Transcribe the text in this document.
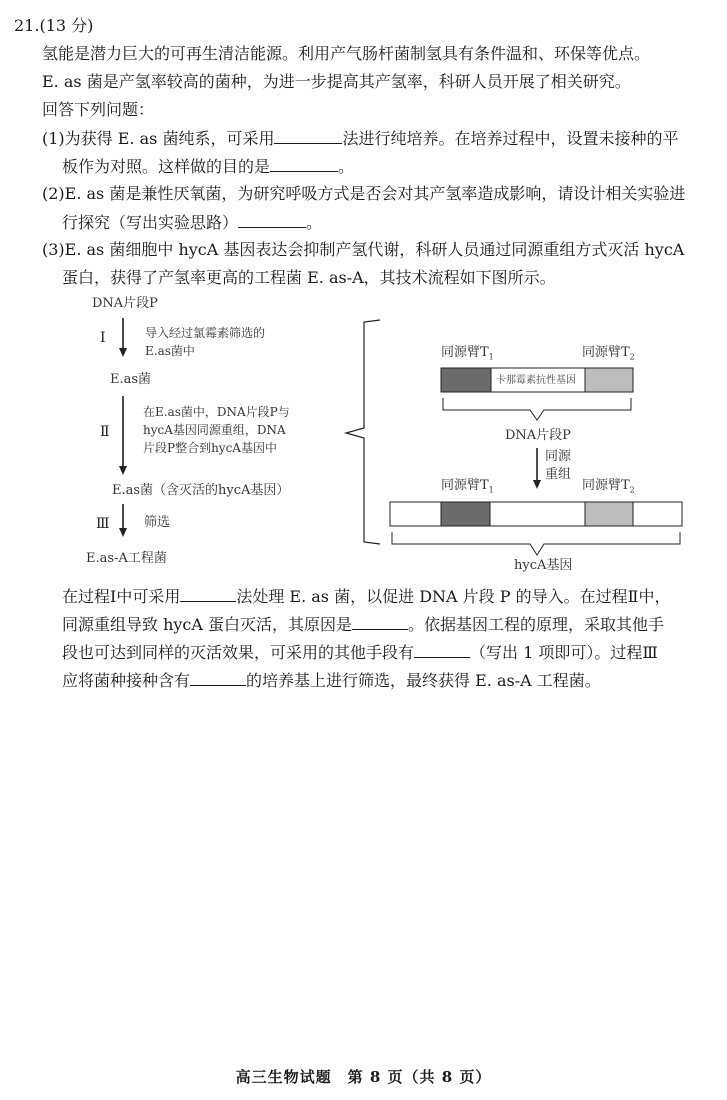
21.(13 分)
氢能是潜力巨大的可再生清洁能源。利用产气肠杆菌制氢具有条件温和、环保等优点。
E. as 菌是产氢率较高的菌种，为进一步提高其产氢率，科研人员开展了相关研究。
回答下列问题：
(1)为获得 E. as 菌纯系，可采用	法进行纯培养。在培养过程中，设置未接种的平
板作为对照。这样做的目的是	。
(2)E. as 菌是兼性厌氧菌，为研究呼吸方式是否会对其产氢率造成影响，请设计相关实验进
行探究（写出实验思路）	。
(3)E. as 菌细胞中 hycA 基因表达会抑制产氢代谢，科研人员通过同源重组方式灭活 hycA
蛋白，获得了产氢率更高的工程菌 E. as-A，其技术流程如下图所示。
DNA片段P
Ⅰ	导入经过氯霉素筛选的
E.as菌中
E.as菌
Ⅱ
在E.as菌中，DNA片段P与
hycA基因同源重组，DNA
片段P整合到hycA基因中
E.as菌（含灭活的hycA基因）
Ⅲ	筛选
E.as-A工程菌
同源臂$T_1$	同源臂$T_2$
卡那霉素抗性基因
DNA片段P
同源
重组
同源臂$T_1$	同源臂$T_2$
hycA基因
在过程Ⅰ中可采用	法处理 E. as 菌，以促进 DNA 片段 P 的导入。在过程Ⅱ中，
同源重组导致 hycA 蛋白灭活，其原因是	。依据基因工程的原理，采取其他手
段也可达到同样的灭活效果，可采用的其他手段有	（写出 1 项即可）。过程Ⅲ
应将菌种接种含有	的培养基上进行筛选，最终获得 E. as-A 工程菌。
高三生物试题　第 8 页（共 8 页）
